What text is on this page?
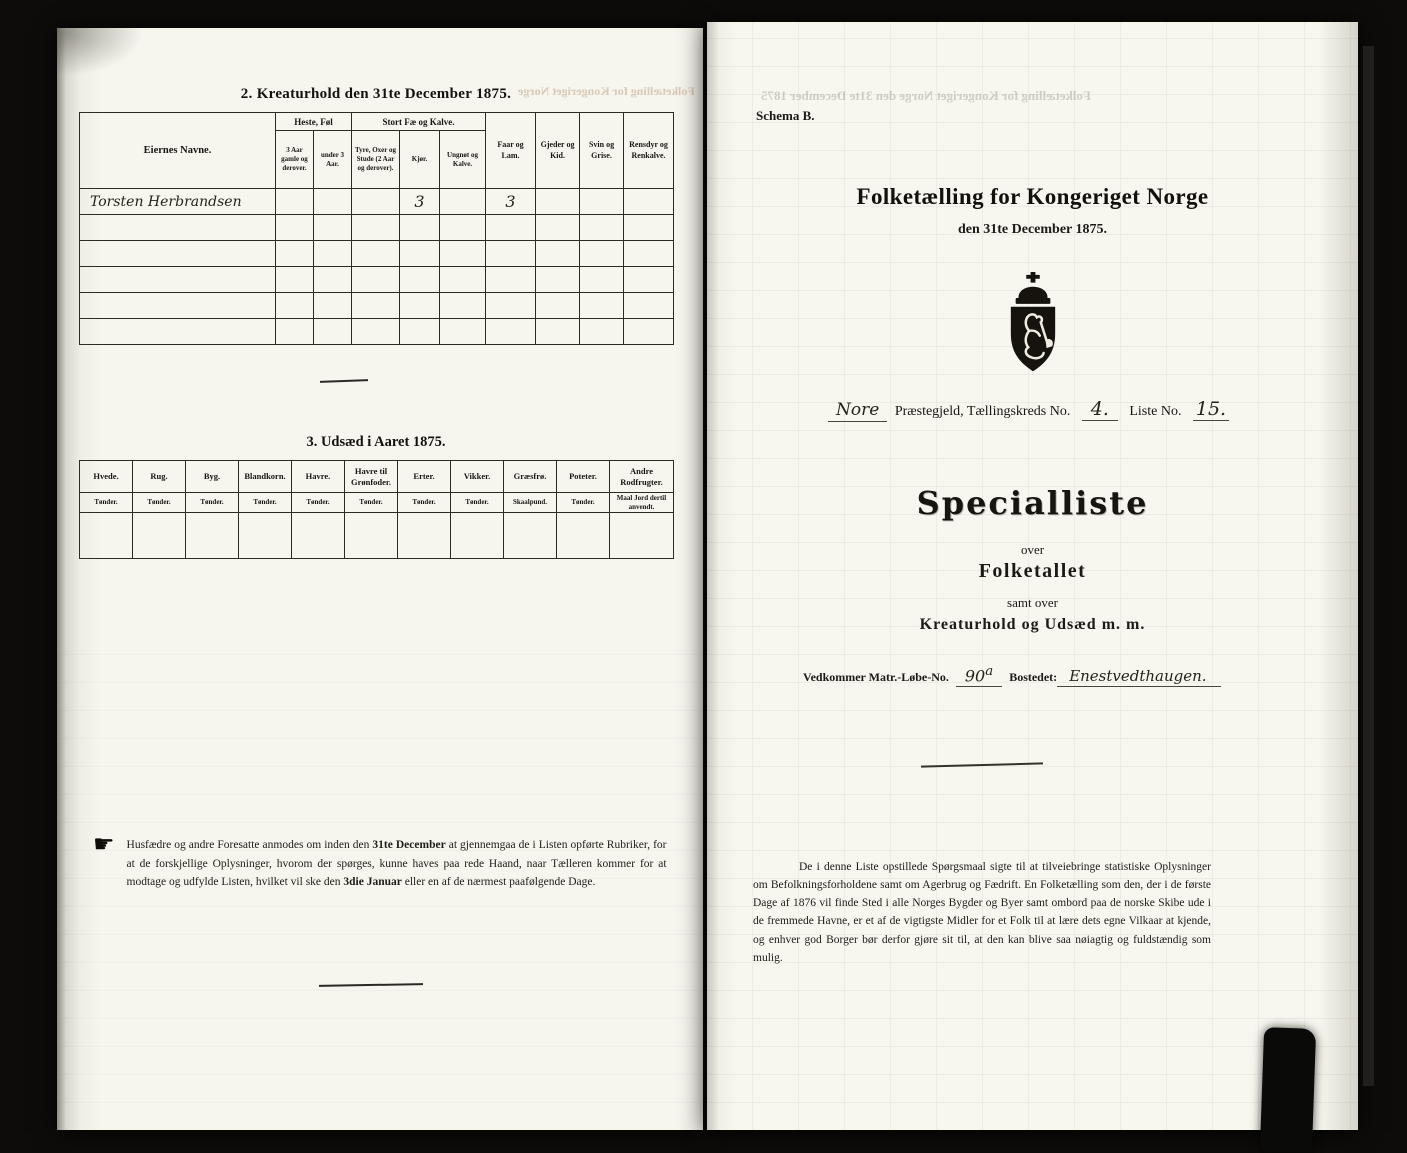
Folketælling for Kongeriget Norge
2. Kreaturhold den 31te December 1875.
Eiernes Navne.	Heste, Føl		Stort Fæ og Kalve.			Faar og Lam.	Gjeder og Kid.	Svin og Grise.	Rensdyr og Renkalve.
	3 Aar gamle og derover.	under 3 Aar.	Tyre, Oxer og Stude (2 Aar og derover).	Kjør.	Ungnøt og Kalve.				
Torsten Herbrandsen				3		3			

3. Udsæd i Aaret 1875.
Hvede.	Rug.	Byg.	Blandkorn.	Havre.	Havre til Grønfoder.	Erter.	Vikker.	Græsfrø.	Poteter.	Andre Rodfrugter.
Tønder.	Tønder.	Tønder.	Tønder.	Tønder.	Tønder.	Tønder.	Tønder.	Skaalpund.	Tønder.	Maal Jord dertil anvendt.

☛ Husfædre og andre Foresatte anmodes om inden den 31te December at gjennemgaa de i Listen opførte Rubriker, for at de forskjellige Oplysninger, hvorom der spørges, kunne haves paa rede Haand, naar Tælleren kommer for at modtage og udfylde Listen, hvilket vil ske den 3die Januar eller en af de nærmest paafølgende Dage.

Folketælling for Kongeriget Norge den 31te December 1875
Schema B.
Folketælling for Kongeriget Norge
den 31te December 1875.
Nore Præstegjeld, Tællingskreds No. 4. Liste No. 15.
Specialliste
over
Folketallet
samt over
Kreaturhold og Udsæd m. m.
Vedkommer Matr.-Løbe-No.	90$^a$	Bostedet: Enestvedthaugen.

De i denne Liste opstillede Spørgsmaal sigte til at tilveiebringe statistiske Oplysninger om Befolkningsforholdene samt om Agerbrug og Fædrift. En Folketælling som den, der i de første Dage af 1876 vil finde Sted i alle Norges Bygder og Byer samt ombord paa de norske Skibe ude i de fremmede Havne, er et af de vigtigste Midler for et Folk til at lære dets egne Vilkaar at kjende, og enhver god Borger bør derfor gjøre sit til, at den kan blive saa nøiagtig og fuldstændig som mulig.
